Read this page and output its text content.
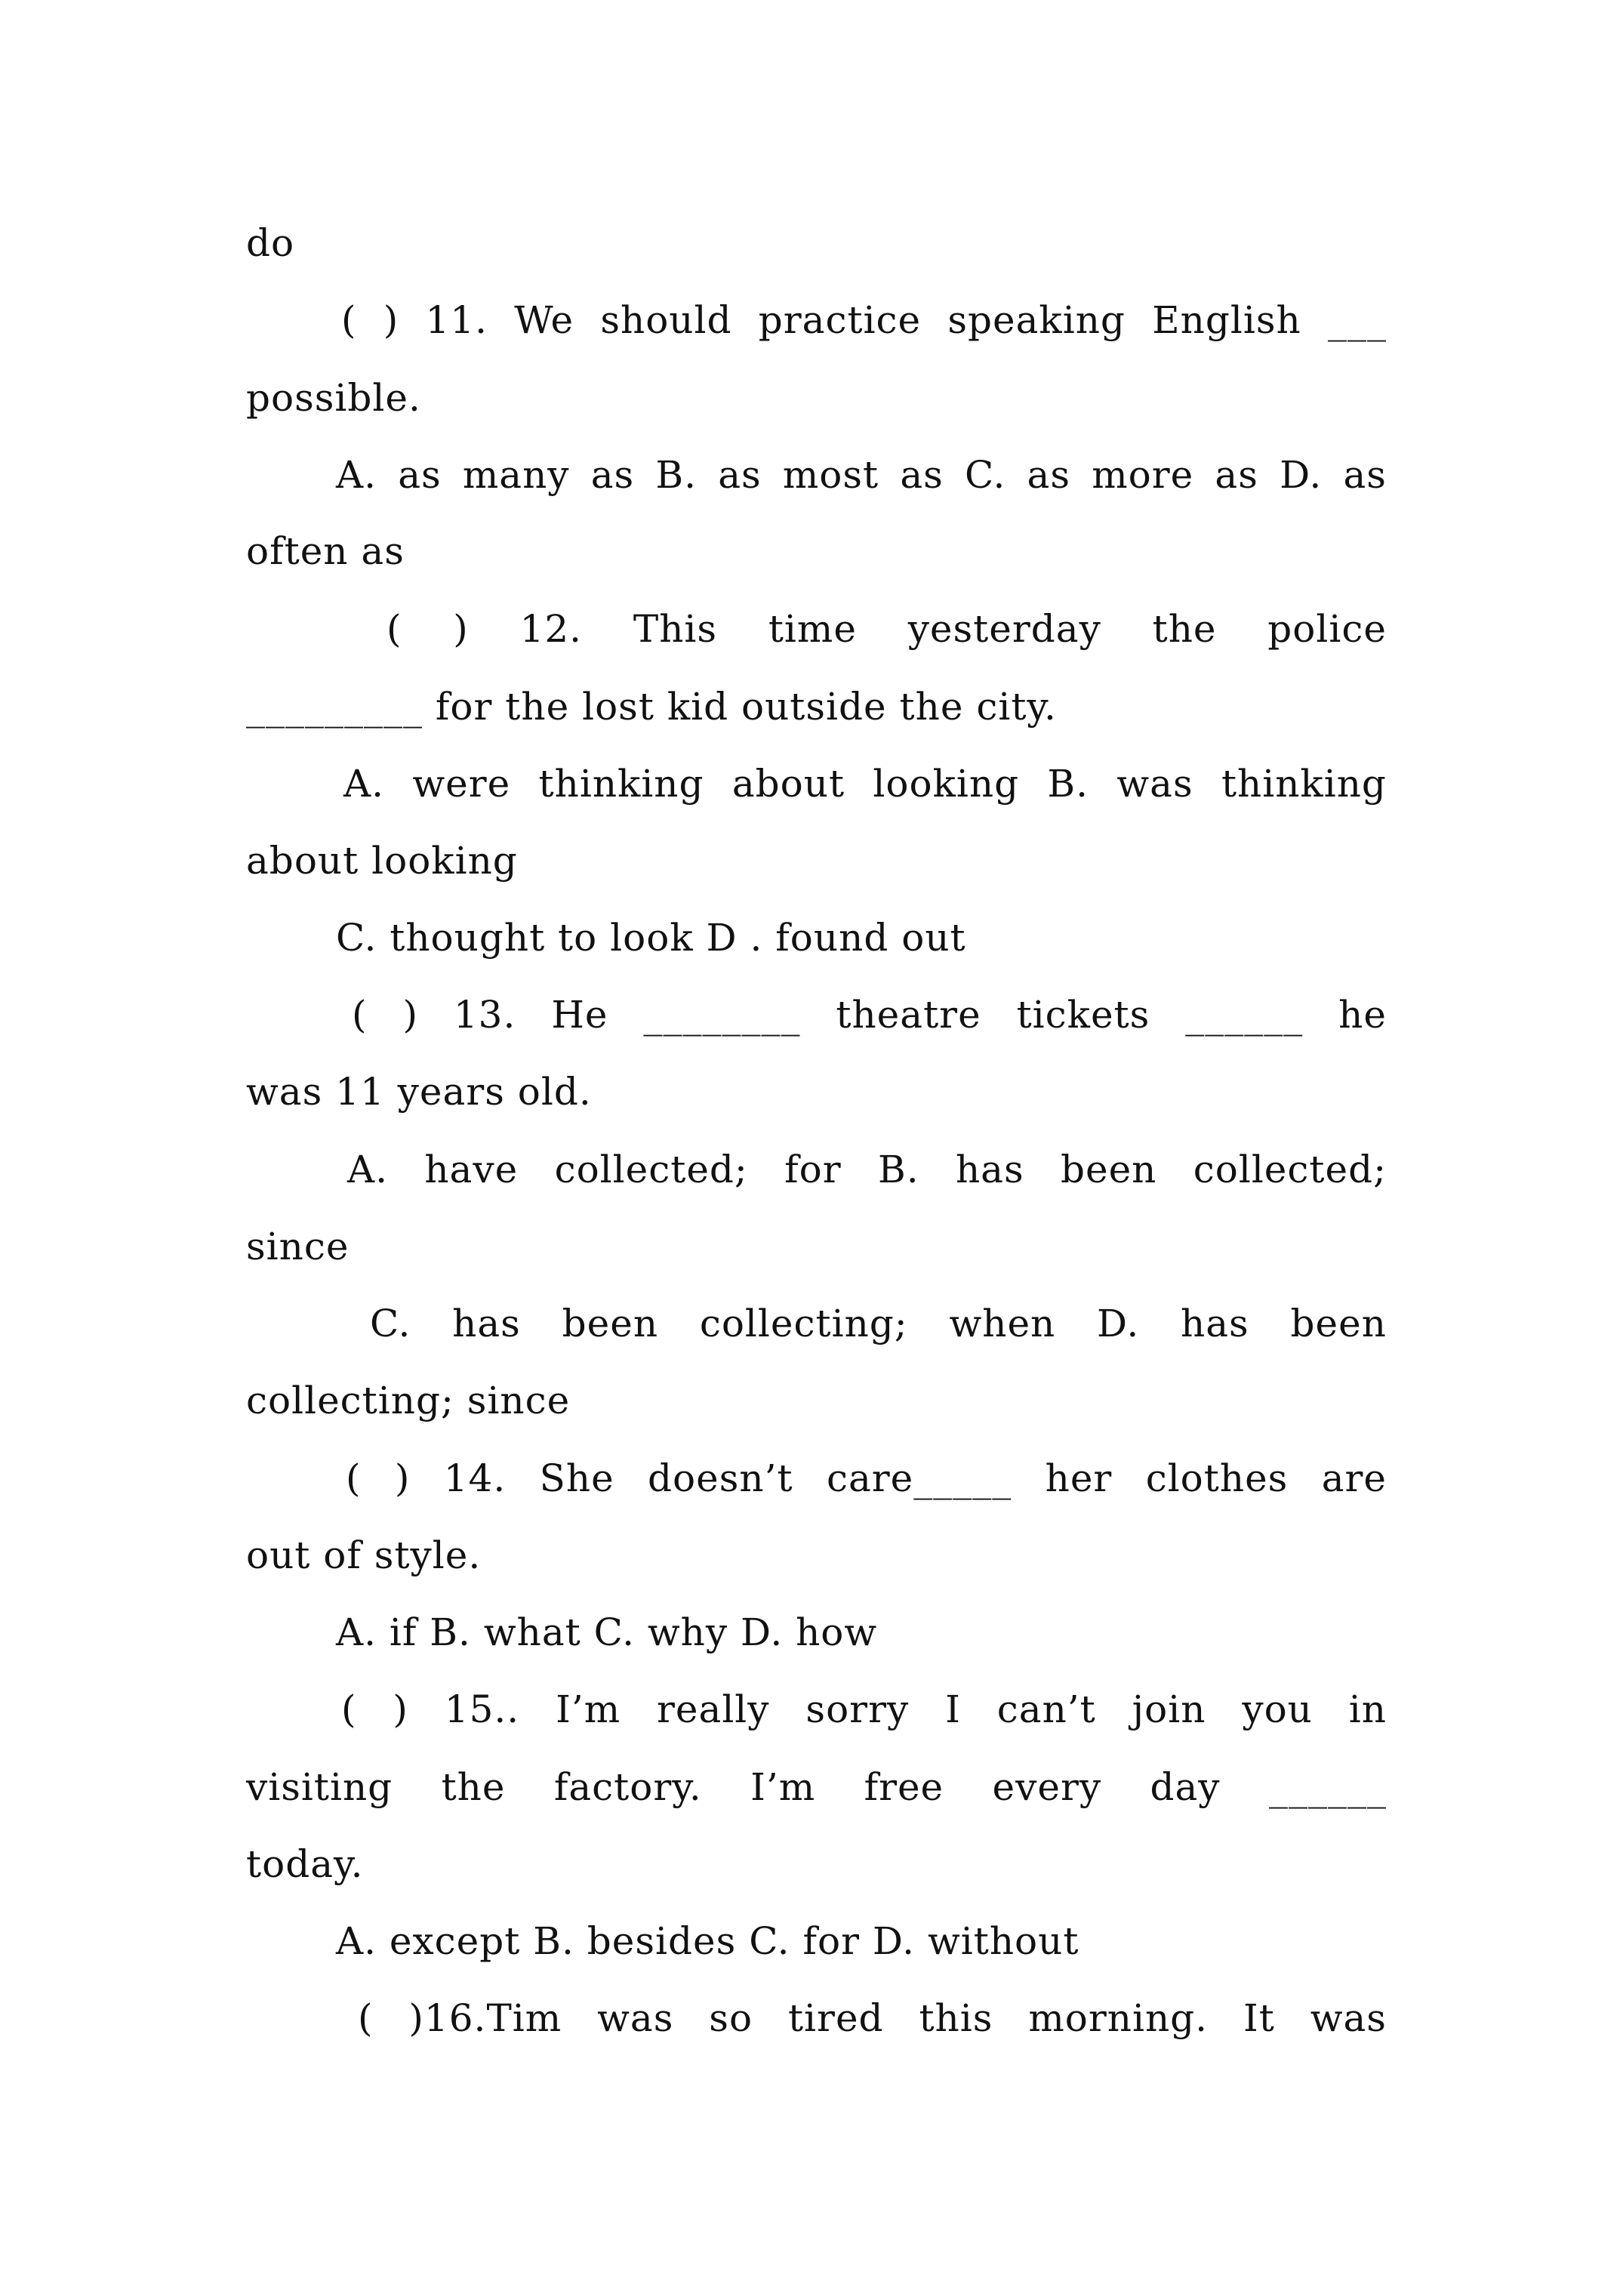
do
( ) 11. We should practice speaking English ___
possible.
A. as many as B. as most as C. as more as D. as
often as
( ) 12. This time yesterday the police
_________ for the lost kid outside the city.
A. were thinking about looking B. was thinking
about looking
C. thought to look D . found out
( ) 13. He ________ theatre tickets ______ he
was 11 years old.
A. have collected; for B. has been collected;
since
C. has been collecting; when D. has been
collecting; since
( ) 14. She doesn’t care_____ her clothes are
out of style.
A. if B. what C. why D. how
( ) 15.. I’m really sorry I can’t join you in
visiting the factory. I’m free every day ______
today.
A. except B. besides C. for D. without
( )16.Tim was so tired this morning. It was
